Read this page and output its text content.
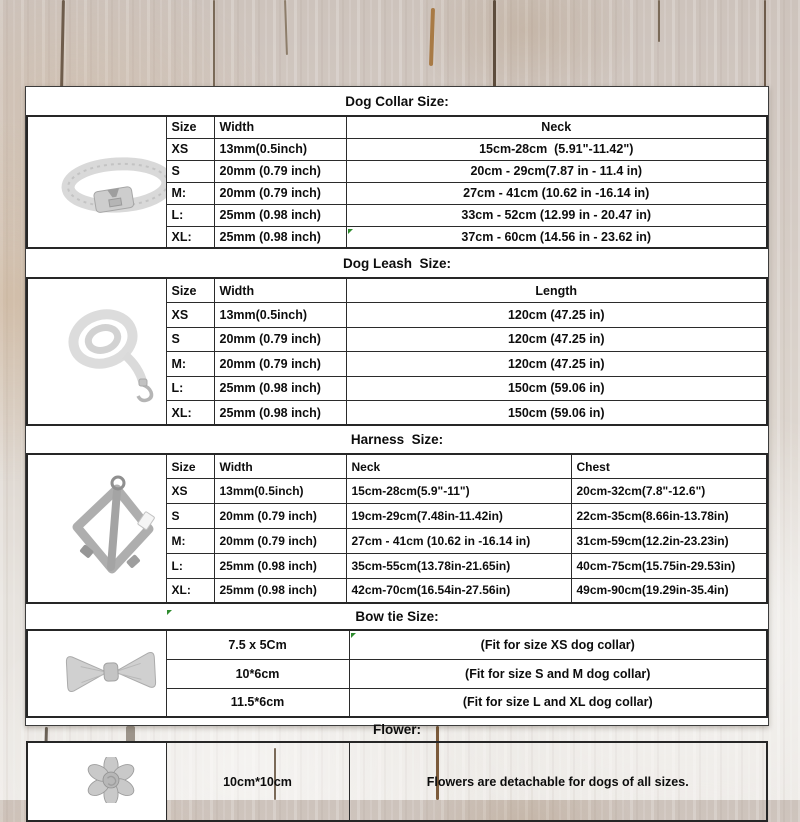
Dog Collar Size:

	Size	Width	Neck
	XS	13mm(0.5inch)	15cm-28cm  (5.91"-11.42")
	S	20mm (0.79 inch)	20cm - 29cm(7.87 in - 11.4 in)
	M:	20mm (0.79 inch)	27cm - 41cm (10.62 in -16.14 in)
	L:	25mm (0.98 inch)	33cm - 52cm (12.99 in - 20.47 in)
	XL:	25mm (0.98 inch)	37cm - 60cm (14.56 in - 23.62 in)
Dog Leash  Size:

	Size	Width	Length
	XS	13mm(0.5inch)	120cm (47.25 in)
	S	20mm (0.79 inch)	120cm (47.25 in)
	M:	20mm (0.79 inch)	120cm (47.25 in)
	L:	25mm (0.98 inch)	150cm (59.06 in)
	XL:	25mm (0.98 inch)	150cm (59.06 in)
Harness  Size:

	Size	Width	Neck	Chest
	XS	13mm(0.5inch)	15cm-28cm(5.9"-11")	20cm-32cm(7.8"-12.6")
	S	20mm (0.79 inch)	19cm-29cm(7.48in-11.42in)	22cm-35cm(8.66in-13.78in)
	M:	20mm (0.79 inch)	27cm - 41cm (10.62 in -16.14 in)	31cm-59cm(12.2in-23.23in)
	L:	25mm (0.98 inch)	35cm-55cm(13.78in-21.65in)	40cm-75cm(15.75in-29.53in)
	XL:	25mm (0.98 inch)	42cm-70cm(16.54in-27.56in)	49cm-90cm(19.29in-35.4in)
Bow tie Size:

	7.5 x 5Cm	(Fit for size XS dog collar)
	10*6cm	(Fit for size S and M dog collar)
	11.5*6cm	(Fit for size L and XL dog collar)
Flower:

	10cm*10cm	Flowers are detachable for dogs of all sizes.
